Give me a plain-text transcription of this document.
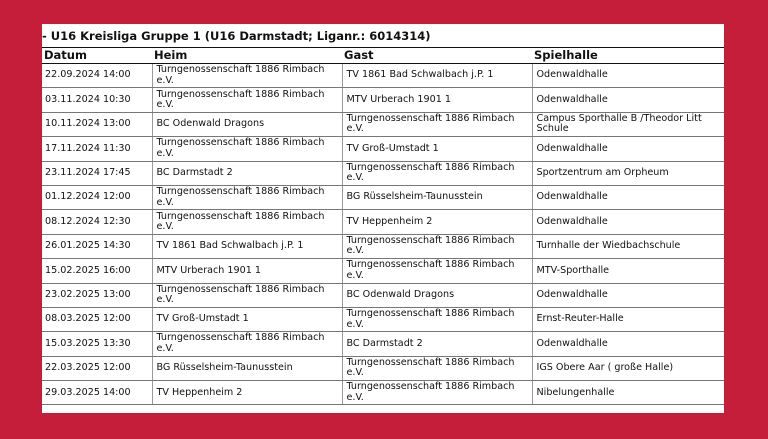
- U16 Kreisliga Gruppe 1 (U16 Darmstadt; Liganr.: 6014314)
Datum	Heim	Gast	Spielhalle
22.09.2024 14:00	Turngenossenschaft 1886 Rimbach e.V.	TV 1861 Bad Schwalbach j.P. 1	Odenwaldhalle
03.11.2024 10:30	Turngenossenschaft 1886 Rimbach e.V.	MTV Urberach 1901 1	Odenwaldhalle
10.11.2024 13:00	BC Odenwald Dragons	Turngenossenschaft 1886 Rimbach e.V.	Campus Sporthalle B /Theodor Litt Schule
17.11.2024 11:30	Turngenossenschaft 1886 Rimbach e.V.	TV Groß-Umstadt 1	Odenwaldhalle
23.11.2024 17:45	BC Darmstadt 2	Turngenossenschaft 1886 Rimbach e.V.	Sportzentrum am Orpheum
01.12.2024 12:00	Turngenossenschaft 1886 Rimbach e.V.	BG Rüsselsheim-Taunusstein	Odenwaldhalle
08.12.2024 12:30	Turngenossenschaft 1886 Rimbach e.V.	TV Heppenheim 2	Odenwaldhalle
26.01.2025 14:30	TV 1861 Bad Schwalbach j.P. 1	Turngenossenschaft 1886 Rimbach e.V.	Turnhalle der Wiedbachschule
15.02.2025 16:00	MTV Urberach 1901 1	Turngenossenschaft 1886 Rimbach e.V.	MTV-Sporthalle
23.02.2025 13:00	Turngenossenschaft 1886 Rimbach e.V.	BC Odenwald Dragons	Odenwaldhalle
08.03.2025 12:00	TV Groß-Umstadt 1	Turngenossenschaft 1886 Rimbach e.V.	Ernst-Reuter-Halle
15.03.2025 13:30	Turngenossenschaft 1886 Rimbach e.V.	BC Darmstadt 2	Odenwaldhalle
22.03.2025 12:00	BG Rüsselsheim-Taunusstein	Turngenossenschaft 1886 Rimbach e.V.	IGS Obere Aar ( große Halle)
29.03.2025 14:00	TV Heppenheim 2	Turngenossenschaft 1886 Rimbach e.V.	Nibelungenhalle
